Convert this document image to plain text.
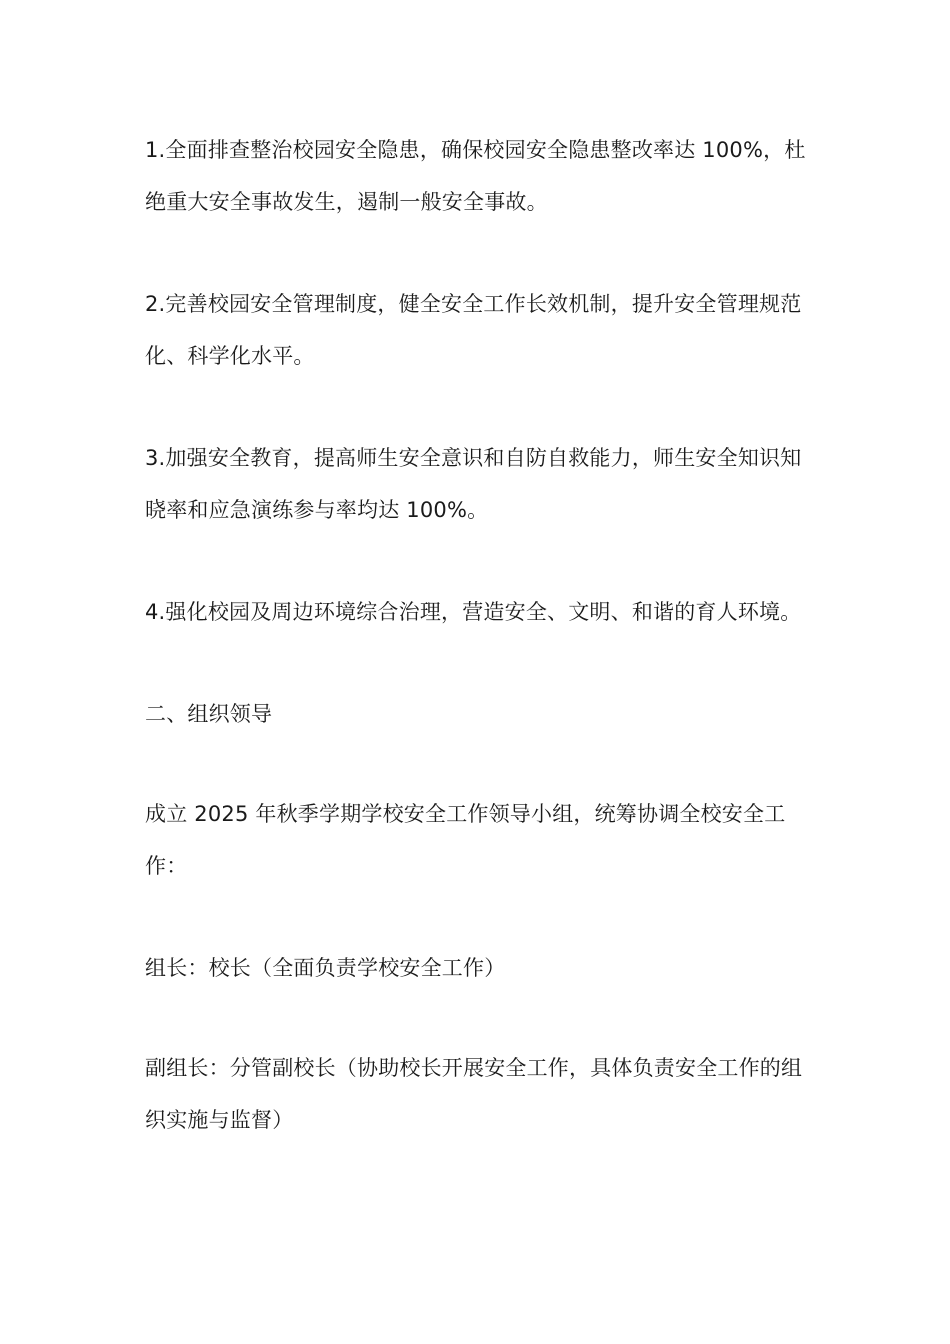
1.全面排查整治校园安全隐患，确保校园安全隐患整改率达 100%，杜绝重大安全事故发生，遏制一般安全事故。

2.完善校园安全管理制度，健全安全工作长效机制，提升安全管理规范化、科学化水平。

3.加强安全教育，提高师生安全意识和自防自救能力，师生安全知识知晓率和应急演练参与率均达 100%。

4.强化校园及周边环境综合治理，营造安全、文明、和谐的育人环境。

二、组织领导

成立 2025 年秋季学期学校安全工作领导小组，统筹协调全校安全工作：

组长：校长（全面负责学校安全工作）

副组长：分管副校长（协助校长开展安全工作，具体负责安全工作的组织实施与监督）
